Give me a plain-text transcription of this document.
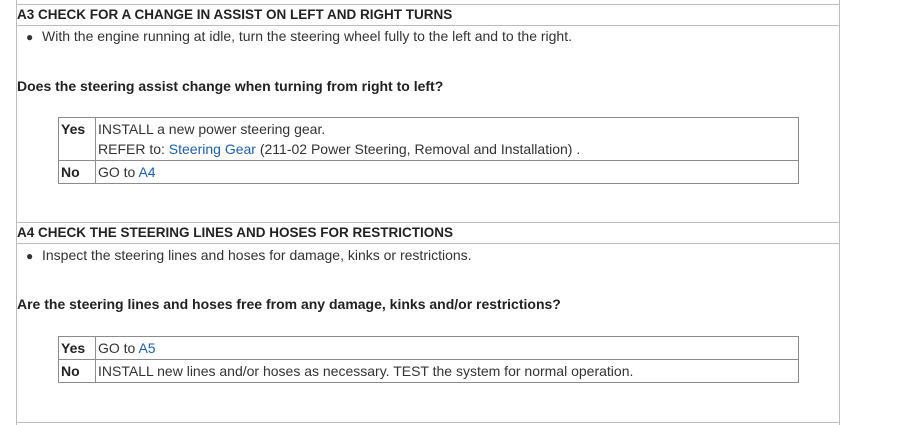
A3 CHECK FOR A CHANGE IN ASSIST ON LEFT AND RIGHT TURNS
● With the engine running at idle, turn the steering wheel fully to the left and to the right.
Does the steering assist change when turning from right to left?
Yes	INSTALL a new power steering gear.
REFER to: Steering Gear (211-02 Power Steering, Removal and Installation) .

No	GO to A4
A4 CHECK THE STEERING LINES AND HOSES FOR RESTRICTIONS
● Inspect the steering lines and hoses for damage, kinks or restrictions.
Are the steering lines and hoses free from any damage, kinks and/or restrictions?
Yes	GO to A5
No	INSTALL new lines and/or hoses as necessary. TEST the system for normal operation.
